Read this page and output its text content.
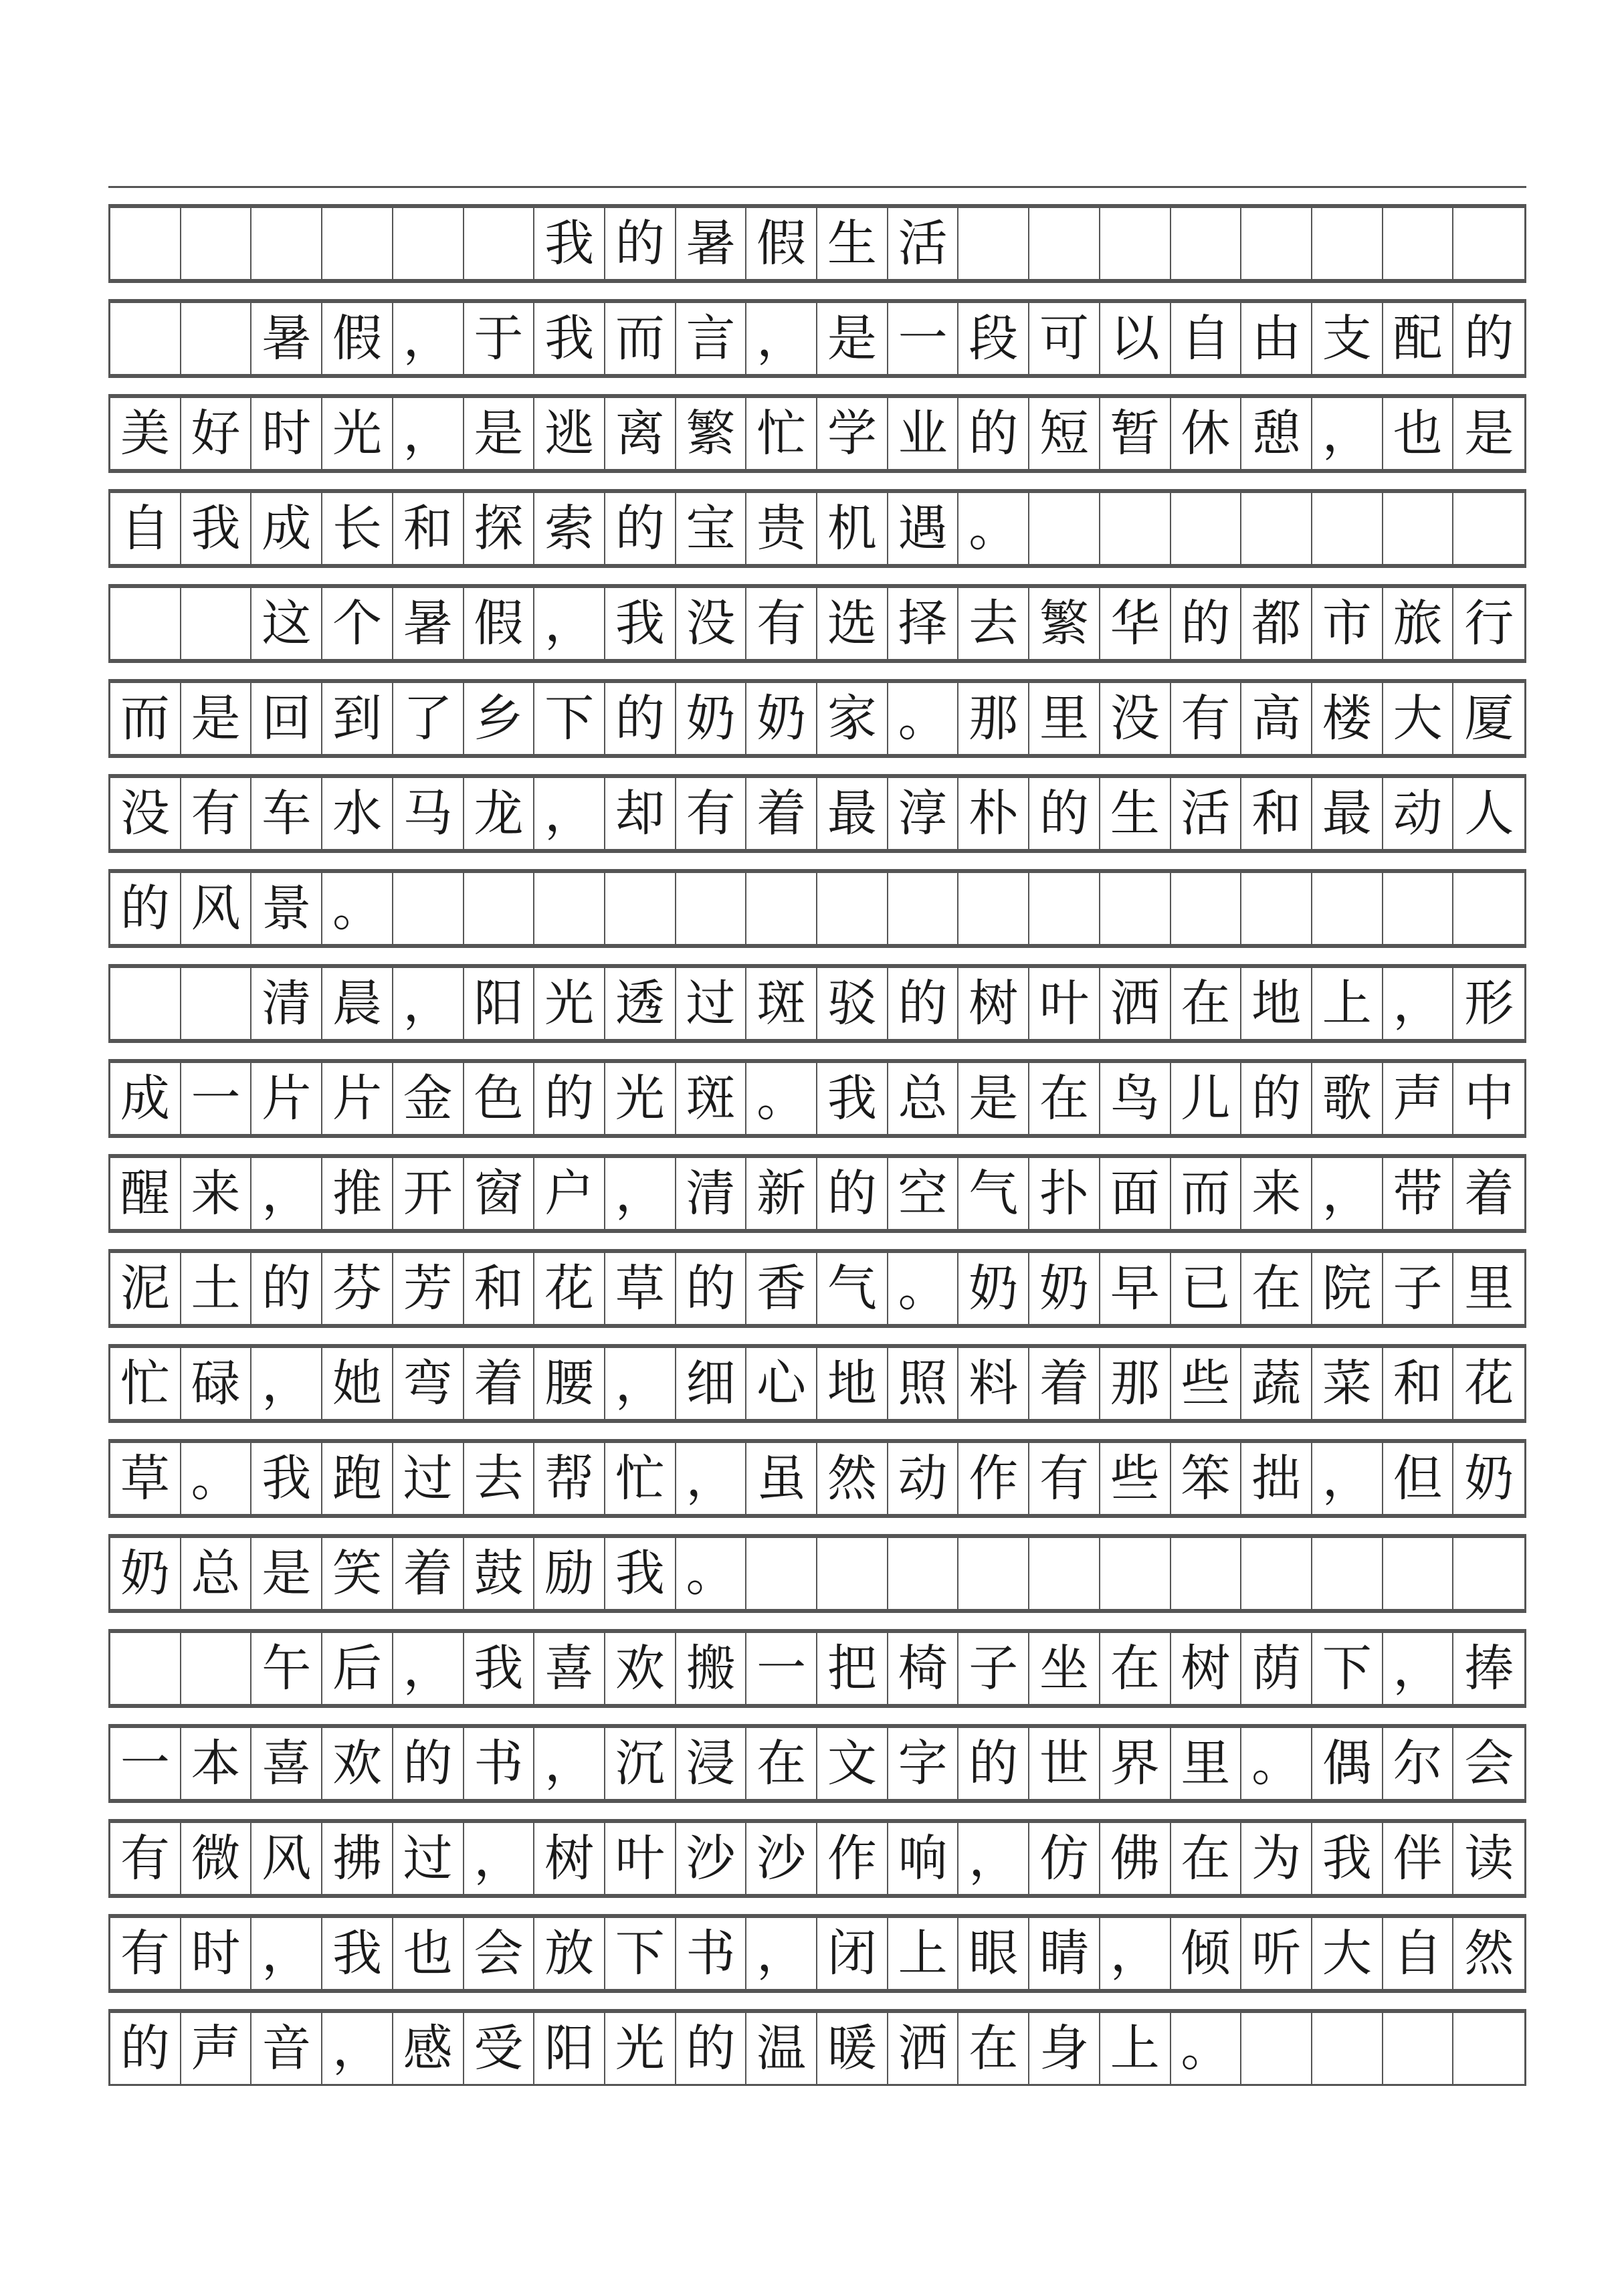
我 的 暑 假 生 活
暑 假 ， 于 我 而 言 ， 是 一 段 可 以 自 由 支 配 的
美 好 时 光 ， 是 逃 离 繁 忙 学 业 的 短 暂 休 憩 ， 也 是
自 我 成 长 和 探 索 的 宝 贵 机 遇 。
这 个 暑 假 ， 我 没 有 选 择 去 繁 华 的 都 市 旅 行
而 是 回 到 了 乡 下 的 奶 奶 家 。 那 里 没 有 高 楼 大 厦
没 有 车 水 马 龙 ， 却 有 着 最 淳 朴 的 生 活 和 最 动 人
的 风 景 。
清 晨 ， 阳 光 透 过 斑 驳 的 树 叶 洒 在 地 上 ， 形
成 一 片 片 金 色 的 光 斑 。 我 总 是 在 鸟 儿 的 歌 声 中
醒 来 ， 推 开 窗 户 ， 清 新 的 空 气 扑 面 而 来 ， 带 着
泥 土 的 芬 芳 和 花 草 的 香 气 。 奶 奶 早 已 在 院 子 里
忙 碌 ， 她 弯 着 腰 ， 细 心 地 照 料 着 那 些 蔬 菜 和 花
草 。 我 跑 过 去 帮 忙 ， 虽 然 动 作 有 些 笨 拙 ， 但 奶
奶 总 是 笑 着 鼓 励 我 。
午 后 ， 我 喜 欢 搬 一 把 椅 子 坐 在 树 荫 下 ， 捧
一 本 喜 欢 的 书 ， 沉 浸 在 文 字 的 世 界 里 。 偶 尔 会
有 微 风 拂 过 ， 树 叶 沙 沙 作 响 ， 仿 佛 在 为 我 伴 读
有 时 ， 我 也 会 放 下 书 ， 闭 上 眼 睛 ， 倾 听 大 自 然
的 声 音 ， 感 受 阳 光 的 温 暖 洒 在 身 上 。
